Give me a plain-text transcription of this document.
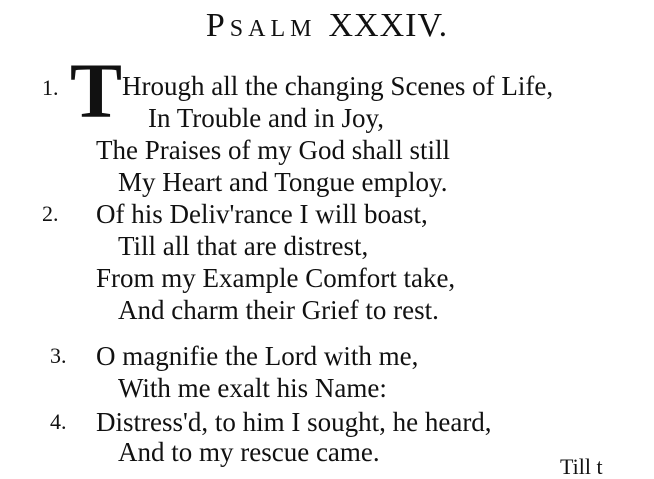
Psalm XXXIV.
1. T Hrough all the changing Scenes of Life,
In Trouble and in Joy,
The Praises of my God shall still
My Heart and Tongue employ.
2. Of his Deliv'rance I will boast,
Till all that are distrest,
From my Example Comfort take,
And charm their Grief to rest.
3. O magnifie the Lord with me,
With me exalt his Name:
4. Distress'd, to him I sought, he heard,
And to my rescue came.	Till t
